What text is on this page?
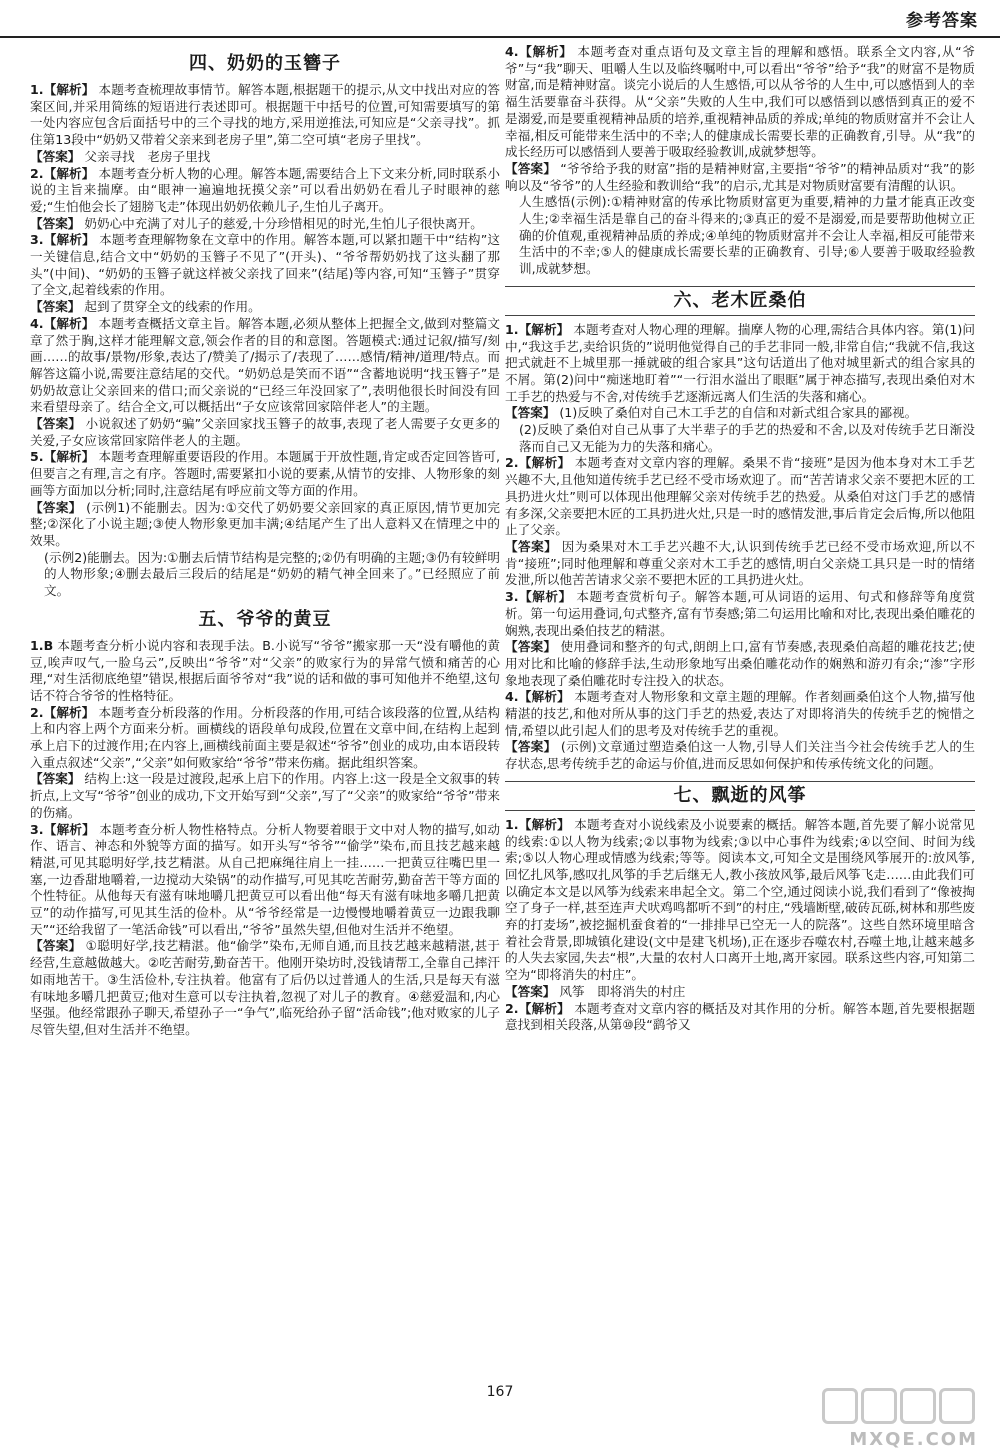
参考答案
四、奶奶的玉簪子

1.【解析】 本题考查梳理故事情节。解答本题,根据题干的提示,从文中找出对应的答案区间,并采用简练的短语进行表述即可。根据题干中括号的位置,可知需要填写的第一处内容应包含后面括号中的三个寻找的地方,采用逆推法,可知应是“父亲寻找”。抓住第13段中“奶奶又带着父亲来到老房子里”,第二空可填“老房子里找”。

【答案】 父亲寻找　老房子里找

2.【解析】 本题考查分析人物的心理。解答本题,需要结合上下文来分析,同时联系小说的主旨来揣摩。由“眼神一遍遍地抚摸父亲”可以看出奶奶在看儿子时眼神的慈爱;“生怕他会长了翅膀飞走”体现出奶奶依赖儿子,生怕儿子离开。

【答案】 奶奶心中充满了对儿子的慈爱,十分珍惜相见的时光,生怕儿子很快离开。

3.【解析】 本题考查理解物象在文章中的作用。解答本题,可以紧扣题干中“结构”这一关键信息,结合文中“奶奶的玉簪子不见了”(开头)、“爷爷帮奶奶找了这头翻了那头”(中间)、“奶奶的玉簪子就这样被父亲找了回来”(结尾)等内容,可知“玉簪子”贯穿了全文,起着线索的作用。

【答案】 起到了贯穿全文的线索的作用。

4.【解析】 本题考查概括文章主旨。解答本题,必须从整体上把握全文,做到对整篇文章了然于胸,这样才能理解文意,领会作者的目的和意图。答题模式:通过记叙/描写/刻画……的故事/景物/形象,表达了/赞美了/揭示了/表现了……感情/精神/道理/特点。而解答这篇小说,需要注意结尾的交代。“奶奶总是笑而不语”“含蓄地说明“找玉簪子”是奶奶故意让父亲回来的借口;而父亲说的“已经三年没回家了”,表明他很长时间没有回来看望母亲了。结合全文,可以概括出“子女应该常回家陪伴老人”的主题。

【答案】 小说叙述了奶奶“骗”父亲回家找玉簪子的故事,表现了老人需要子女更多的关爱,子女应该常回家陪伴老人的主题。

5.【解析】 本题考查理解重要语段的作用。本题属于开放性题,肯定或否定回答皆可,但要言之有理,言之有序。答题时,需要紧扣小说的要素,从情节的安排、人物形象的刻画等方面加以分析;同时,注意结尾有呼应前文等方面的作用。

【答案】 (示例1)不能删去。因为:①交代了奶奶要父亲回家的真正原因,情节更加完整;②深化了小说主题;③使人物形象更加丰满;④结尾产生了出人意料又在情理之中的效果。

(示例2)能删去。因为:①删去后情节结构是完整的;②仍有明确的主题;③仍有较鲜明的人物形象;④删去最后三段后的结尾是“奶奶的精气神全回来了。”已经照应了前文。

五、爷爷的黄豆

1.B 本题考查分析小说内容和表现手法。B.小说写“爷爷”搬家那一天“没有嚼他的黄豆,唉声叹气,一脸乌云”,反映出“爷爷”对“父亲”的败家行为的异常气愤和痛苦的心理,“对生活彻底绝望”错误,根据后面爷爷对“我”说的话和做的事可知他并不绝望,这句话不符合爷爷的性格特征。

2.【解析】 本题考查分析段落的作用。分析段落的作用,可结合该段落的位置,从结构上和内容上两个方面来分析。画横线的语段单句成段,位置在文章中间,在结构上起到承上启下的过渡作用;在内容上,画横线前面主要是叙述“爷爷”创业的成功,由本语段转入重点叙述“父亲”,“父亲”如何败家给“爷爷”带来伤痛。据此组织答案。

【答案】 结构上:这一段是过渡段,起承上启下的作用。内容上:这一段是全文叙事的转折点,上文写“爷爷”创业的成功,下文开始写到“父亲”,写了“父亲”的败家给“爷爷”带来的伤痛。

3.【解析】 本题考查分析人物性格特点。分析人物要着眼于文中对人物的描写,如动作、语言、神态和外貌等方面的描写。如开头写“爷爷”“偷学”染布,而且技艺越来越精湛,可见其聪明好学,技艺精湛。从自己把麻绳往肩上一挂……一把黄豆往嘴巴里一塞,一边香甜地嚼着,一边搅动大染锅”的动作描写,可见其吃苦耐劳,勤奋苦干等方面的个性特征。从他每天有滋有味地嚼几把黄豆可以看出他“每天有滋有味地多嚼几把黄豆”的动作描写,可见其生活的俭朴。从“爷爷经常是一边慢慢地嚼着黄豆一边跟我聊天”“还给我留了一笔活命钱”可以看出,“爷爷”虽然失望,但他对生活并不绝望。

【答案】 ①聪明好学,技艺精湛。他“偷学”染布,无师自通,而且技艺越来越精湛,甚于经营,生意越做越大。②吃苦耐劳,勤奋苦干。他刚开染坊时,没钱请帮工,全靠自己摔汗如雨地苦干。③生活俭朴,专注执着。他富有了后仍以过普通人的生活,只是每天有滋有味地多嚼几把黄豆;他对生意可以专注执着,忽视了对儿子的教育。④慈爱温和,内心坚强。他经常跟孙子聊天,希望孙子一“争气”,临死给孙子留“活命钱”;他对败家的儿子尽管失望,但对生活并不绝望。

4.【解析】 本题考查对重点语句及文章主旨的理解和感悟。联系全文内容,从“爷爷”与“我”聊天、咀嚼人生以及临终嘱咐中,可以看出“爷爷”给予“我”的财富不是物质财富,而是精神财富。谈完小说后的人生感悟,可以从爷爷的人生中,可以感悟到人的幸福生活要靠奋斗获得。从“父亲”失败的人生中,我们可以感悟到以感悟到真正的爱不是溺爱,而是要重视精神品质的培养,重视精神品质的养成;单纯的物质财富并不会让人幸福,相反可能带来生活中的不幸;人的健康成长需要长辈的正确教育,引导。从“我”的成长经历可以感悟到人要善于吸取经验教训,成就梦想等。

【答案】 “爷爷给予我的财富”指的是精神财富,主要指“爷爷”的精神品质对“我”的影响以及“爷爷”的人生经验和教训给“我”的启示,尤其是对物质财富要有清醒的认识。

人生感悟(示例):①精神财富的传承比物质财富更为重要,精神的力量才能真正改变人生;②幸福生活是靠自己的奋斗得来的;③真正的爱不是溺爱,而是要帮助他树立正确的价值观,重视精神品质的养成;④单纯的物质财富并不会让人幸福,相反可能带来生活中的不幸;⑤人的健康成长需要长辈的正确教育、引导;⑥人要善于吸取经验教训,成就梦想。

六、老木匠桑伯

1.【解析】 本题考查对人物心理的理解。揣摩人物的心理,需结合具体内容。第(1)问中,“我这手艺,卖给识货的”说明他觉得自己的手艺非同一般,非常自信;“我就不信,我这把式就赶不上城里那一捶就破的组合家具”这句话道出了他对城里新式的组合家具的不屑。第(2)问中“痴迷地盯着”“一行泪水溢出了眼眶”属于神态描写,表现出桑伯对木工手艺的热爱与不舍,对传统手艺逐渐远离人们生活的失落和痛心。

【答案】 (1)反映了桑伯对自己木工手艺的自信和对新式组合家具的鄙视。

(2)反映了桑伯对自己从事了大半辈子的手艺的热爱和不舍,以及对传统手艺日渐没落而自己又无能为力的失落和痛心。

2.【解析】 本题考查对文章内容的理解。桑果不肯“接班”是因为他本身对木工手艺兴趣不大,且他知道传统手艺已经不受市场欢迎了。而“苦苦请求父亲不要把木匠的工具扔进火灶”则可以体现出他理解父亲对传统手艺的热爱。从桑伯对这门手艺的感情有多深,父亲要把木匠的工具扔进火灶,只是一时的感情发泄,事后肯定会后悔,所以他阻止了父亲。

【答案】 因为桑果对木工手艺兴趣不大,认识到传统手艺已经不受市场欢迎,所以不肯“接班”;同时他理解和尊重父亲对木工手艺的感情,明白父亲烧工具只是一时的情绪发泄,所以他苦苦请求父亲不要把木匠的工具扔进火灶。

3.【解析】 本题考查赏析句子。解答本题,可从词语的运用、句式和修辞等角度赏析。第一句运用叠词,句式整齐,富有节奏感;第二句运用比喻和对比,表现出桑伯雕花的娴熟,表现出桑伯技艺的精湛。

【答案】 使用叠词和整齐的句式,朗朗上口,富有节奏感,表现桑伯高超的雕花技艺;使用对比和比喻的修辞手法,生动形象地写出桑伯雕花动作的娴熟和游刃有余;“渗”字形象地表现了桑伯雕花时专注投入的状态。

4.【解析】 本题考查对人物形象和文章主题的理解。作者刻画桑伯这个人物,描写他精湛的技艺,和他对所从事的这门手艺的热爱,表达了对即将消失的传统手艺的惋惜之情,希望以此引起人们的思考及对传统手艺的重视。

【答案】 (示例)文章通过塑造桑伯这一人物,引导人们关注当今社会传统手艺人的生存状态,思考传统手艺的命运与价值,进而反思如何保护和传承传统文化的问题。

七、飘逝的风筝

1.【解析】 本题考查对小说线索及小说要素的概括。解答本题,首先要了解小说常见的线索:①以人物为线索;②以事物为线索;③以中心事件为线索;④以空间、时间为线索;⑤以人物心理或情感为线索;等等。阅读本文,可知全文是围绕风筝展开的:放风筝,回忆扎风筝,感叹扎风筝的手艺后继无人,教小孩放风筝,最后风筝飞走……由此我们可以确定本文是以风筝为线索来串起全文。第二个空,通过阅读小说,我们看到了“像被掏空了身子一样,甚至连声犬吠鸡鸣都听不到”的村庄,“残墙断壁,破砖瓦砾,树林和那些废弃的打麦场”,被挖掘机蚕食着的“一排排早已空无一人的院落”。这些自然环境里暗含着社会背景,即城镇化建设(文中是建飞机场),正在逐步吞噬农村,吞噬土地,让越来越多的人失去家园,失去“根”,大量的农村人口离开土地,离开家园。联系这些内容,可知第二空为“即将消失的村庄”。

【答案】 风筝　即将消失的村庄

2.【解析】 本题考查对文章内容的概括及对其作用的分析。解答本题,首先要根据题意找到相关段落,从第⑩段“鹞爷又

167
MXQE.COM
